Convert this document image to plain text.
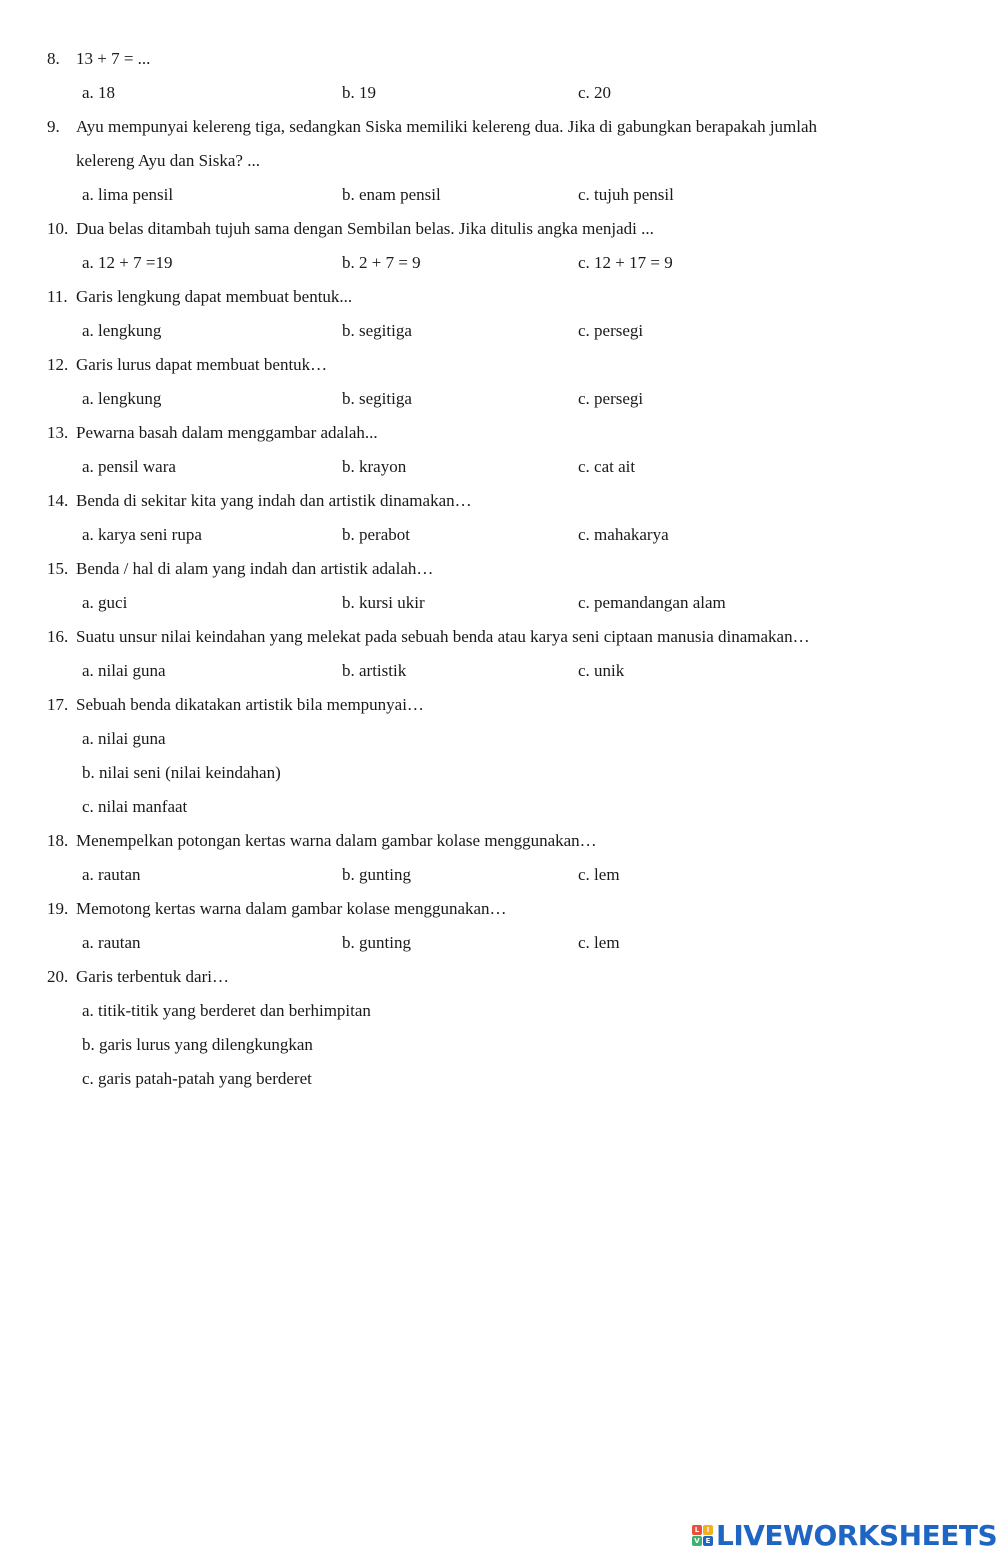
8. 13 + 7 = ...
a. 18	b. 19	c. 20
9. Ayu mempunyai kelereng tiga, sedangkan Siska memiliki kelereng dua. Jika di gabungkan berapakah jumlah
kelereng Ayu dan Siska? ...
a. lima pensil	b. enam pensil	c. tujuh pensil
10. Dua belas ditambah tujuh sama dengan Sembilan belas. Jika ditulis angka menjadi ...
a. 12 + 7 =19	b. 2 + 7 = 9	c. 12 + 17 = 9
11. Garis lengkung dapat membuat bentuk...
a. lengkung	b. segitiga	c. persegi
12. Garis lurus dapat membuat bentuk…
a. lengkung	b. segitiga	c. persegi
13. Pewarna basah dalam menggambar adalah...
a. pensil wara	b. krayon	c. cat ait
14. Benda di sekitar kita yang indah dan artistik dinamakan…
a. karya seni rupa	b. perabot	c. mahakarya
15. Benda / hal di alam yang indah dan artistik adalah…
a. guci	b. kursi ukir	c. pemandangan alam
16. Suatu unsur nilai keindahan yang melekat pada sebuah benda atau karya seni ciptaan manusia dinamakan…
a. nilai guna	b. artistik	c. unik
17. Sebuah benda dikatakan artistik bila mempunyai…
a. nilai guna
b. nilai seni (nilai keindahan)
c. nilai manfaat
18. Menempelkan potongan kertas warna dalam gambar kolase menggunakan…
a. rautan	b. gunting	c. lem
19. Memotong kertas warna dalam gambar kolase menggunakan…
a. rautan	b. gunting	c. lem
20. Garis terbentuk dari…
a. titik-titik yang berderet dan berhimpitan
b. garis lurus yang dilengkungkan
c. garis patah-patah yang berderet
L	I
V E LIVEWORKSHEETS
